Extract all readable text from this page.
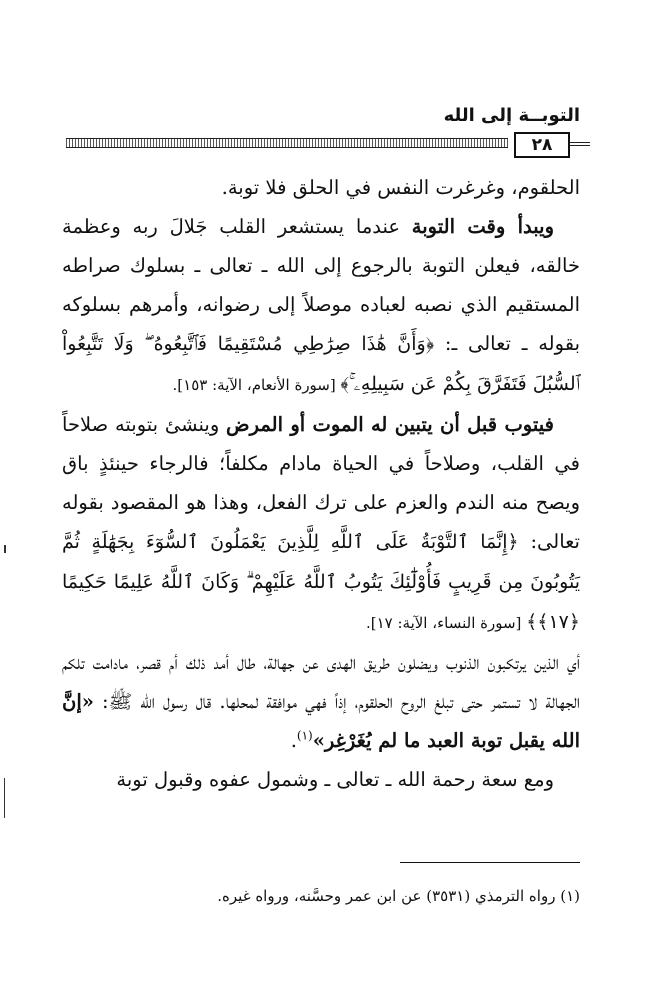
التوبــة إلى الله
٢٨

الحلقوم، وغرغرت النفس في الحلق فلا توبة.

ويبدأ وقت التوبة عندما يستشعر القلب جَلالَ ربه وعظمة خالقه، فيعلن التوبة بالرجوع إلى الله ـ تعالى ـ بسلوك صراطه المستقيم الذي نصبه لعباده موصلاً إلى رضوانه، وأمرهم بسلوكه بقوله ـ تعالى ـ: ﴿وَأَنَّ هَٰذَا صِرَٰطِي مُسْتَقِيمًا فَٱتَّبِعُوهُ ۖ وَلَا تَتَّبِعُواْ ٱلسُّبُلَ فَتَفَرَّقَ بِكُمْ عَن سَبِيلِهِۦ ۚ﴾ [سورة الأنعام، الآية: ١٥٣].

فيتوب قبل أن يتبين له الموت أو المرض وينشئ بتوبته صلاحاً في القلب، وصلاحاً في الحياة مادام مكلفاً؛ فالرجاء حينئذٍ باق ويصح منه الندم والعزم على ترك الفعل، وهذا هو المقصود بقوله تعالى: ﴿إِنَّمَا ٱلتَّوْبَةُ عَلَى ٱللَّهِ لِلَّذِينَ يَعْمَلُونَ ٱلسُّوٓءَ بِجَهَٰلَةٍ ثُمَّ يَتُوبُونَ مِن قَرِيبٍ فَأُوْلَٰٓئِكَ يَتُوبُ ٱللَّهُ عَلَيْهِمْ ۗ وَكَانَ ٱللَّهُ عَلِيمًا حَكِيمًا ﴿١٧﴾﴾ [سورة النساء، الآية: ١٧].

أي الذين يرتكبون الذنوب ويضلون طريق الهدى عن جهالة، طال أمد ذلك أم قصر، مادامت تلكم الجهالة لا تستمر حتى تبلغ الروح الحلقوم، إذاً فهي موافقة لمحلها. قال رسول الله ﷺ: «إنَّ الله يقبل توبة العبد ما لم يُغَرْغِر»$^{(١)}$.

ومع سعة رحمة الله ـ تعالى ـ وشمول عفوه وقبول توبة

(١) رواه الترمذي (٣٥٣١) عن ابن عمر وحسَّنه، ورواه غيره.
